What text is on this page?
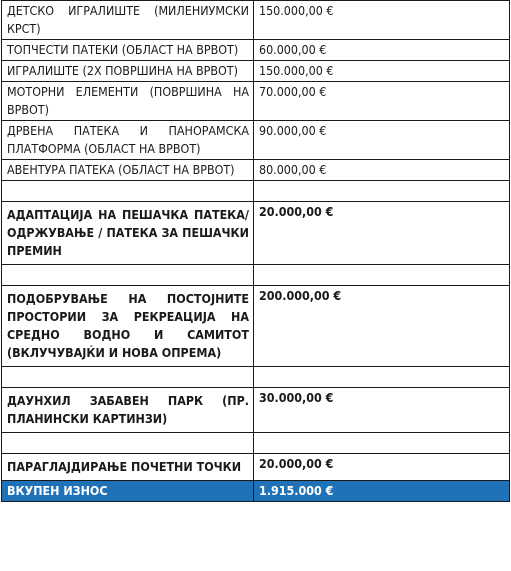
ДЕТСКО ИГРАЛИШТЕ (МИЛЕНИУМСКИ КРСТ)	150.000,00 €
ТОПЧЕСТИ ПАТЕКИ (ОБЛАСТ НА ВРВОТ)	60.000,00 €
ИГРАЛИШТЕ (2Х ПОВРШИНА НА ВРВОТ)	150.000,00 €
МОТОРНИ ЕЛЕМЕНТИ (ПОВРШИНА НА ВРВОТ)	70.000,00 €
ДРВЕНА ПАТЕКА И ПАНОРАМСКА ПЛАТФОРМА (ОБЛАСТ НА ВРВОТ)	90.000,00 €
АВЕНТУРА ПАТЕКА (ОБЛАСТ НА ВРВОТ)	80.000,00 €

АДАПТАЦИЈА НА ПЕШАЧКА ПАТЕКА/ ОДРЖУВАЊЕ / ПАТЕКА ЗА ПЕШАЧКИ ПРЕМИН	20.000,00 €

ПОДОБРУВАЊЕ НА ПОСТОЈНИТЕ ПРОСТОРИИ ЗА РЕКРЕАЦИЈА НА СРЕДНО ВОДНО И САМИТОТ (ВКЛУЧУВАЈЌИ И НОВА ОПРЕМА)	200.000,00 €

ДАУНХИЛ ЗАБАВЕН ПАРК (ПР. ПЛАНИНСКИ КАРТИНЗИ)	30.000,00 €

ПАРАГЛАЈДИРАЊЕ ПОЧЕТНИ ТОЧКИ	20.000,00 €
ВКУПЕН ИЗНОС	1.915.000 €
